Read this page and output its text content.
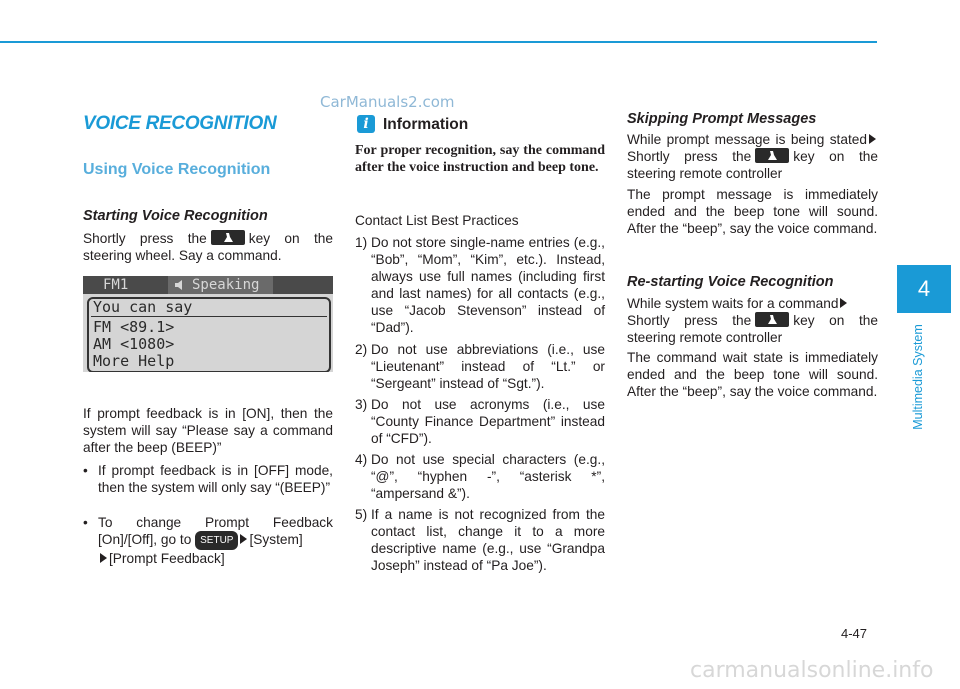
CarManuals2.com
4
Multimedia System
VOICE RECOGNITION
Using Voice Recognition
Starting Voice Recognition
Shortly press the	key on the steering wheel. Say a command.
FM1	Speaking
You can say
FM <89.1>
AM <1080>
More Help
If prompt feedback is in [ON], then the system will say “Please say a command after the beep (BEEP)”
• If prompt feedback is in [OFF] mode, then the system will only say “(BEEP)”
• To change Prompt Feedback [On]/[Off], go to SETUP [System]
[Prompt Feedback]
i Information
For proper recognition, say the command after the voice instruction and beep tone.
Contact List Best Practices
1) Do not store single-name entries (e.g., “Bob”, “Mom”, “Kim”, etc.). Instead, always use full names (including first and last names) for all contacts (e.g., use “Jacob Stevenson” instead of “Dad”).
2) Do not use abbreviations (i.e., use “Lieutenant” instead of “Lt.” or “Sergeant” instead of “Sgt.”).
3) Do not use acronyms (i.e., use “County Finance Department” instead of “CFD”).
4) Do not use special characters (e.g., “@”, “hyphen -”, “asterisk *”, “ampersand &”).
5) If a name is not recognized from the contact list, change it to a more descriptive name (e.g., use “Grandpa Joseph” instead of “Pa Joe”).
Skipping Prompt Messages
While prompt message is being statedShortly press the	key on the steering remote controller
The prompt message is immediately ended and the beep tone will sound. After the “beep”, say the voice command.
Re-starting Voice Recognition
While system waits for a command
Shortly press the	key on the steering remote controller
The command wait state is immediately ended and the beep tone will sound. After the “beep”, say the voice command.
4-47
carmanualsonline.info
